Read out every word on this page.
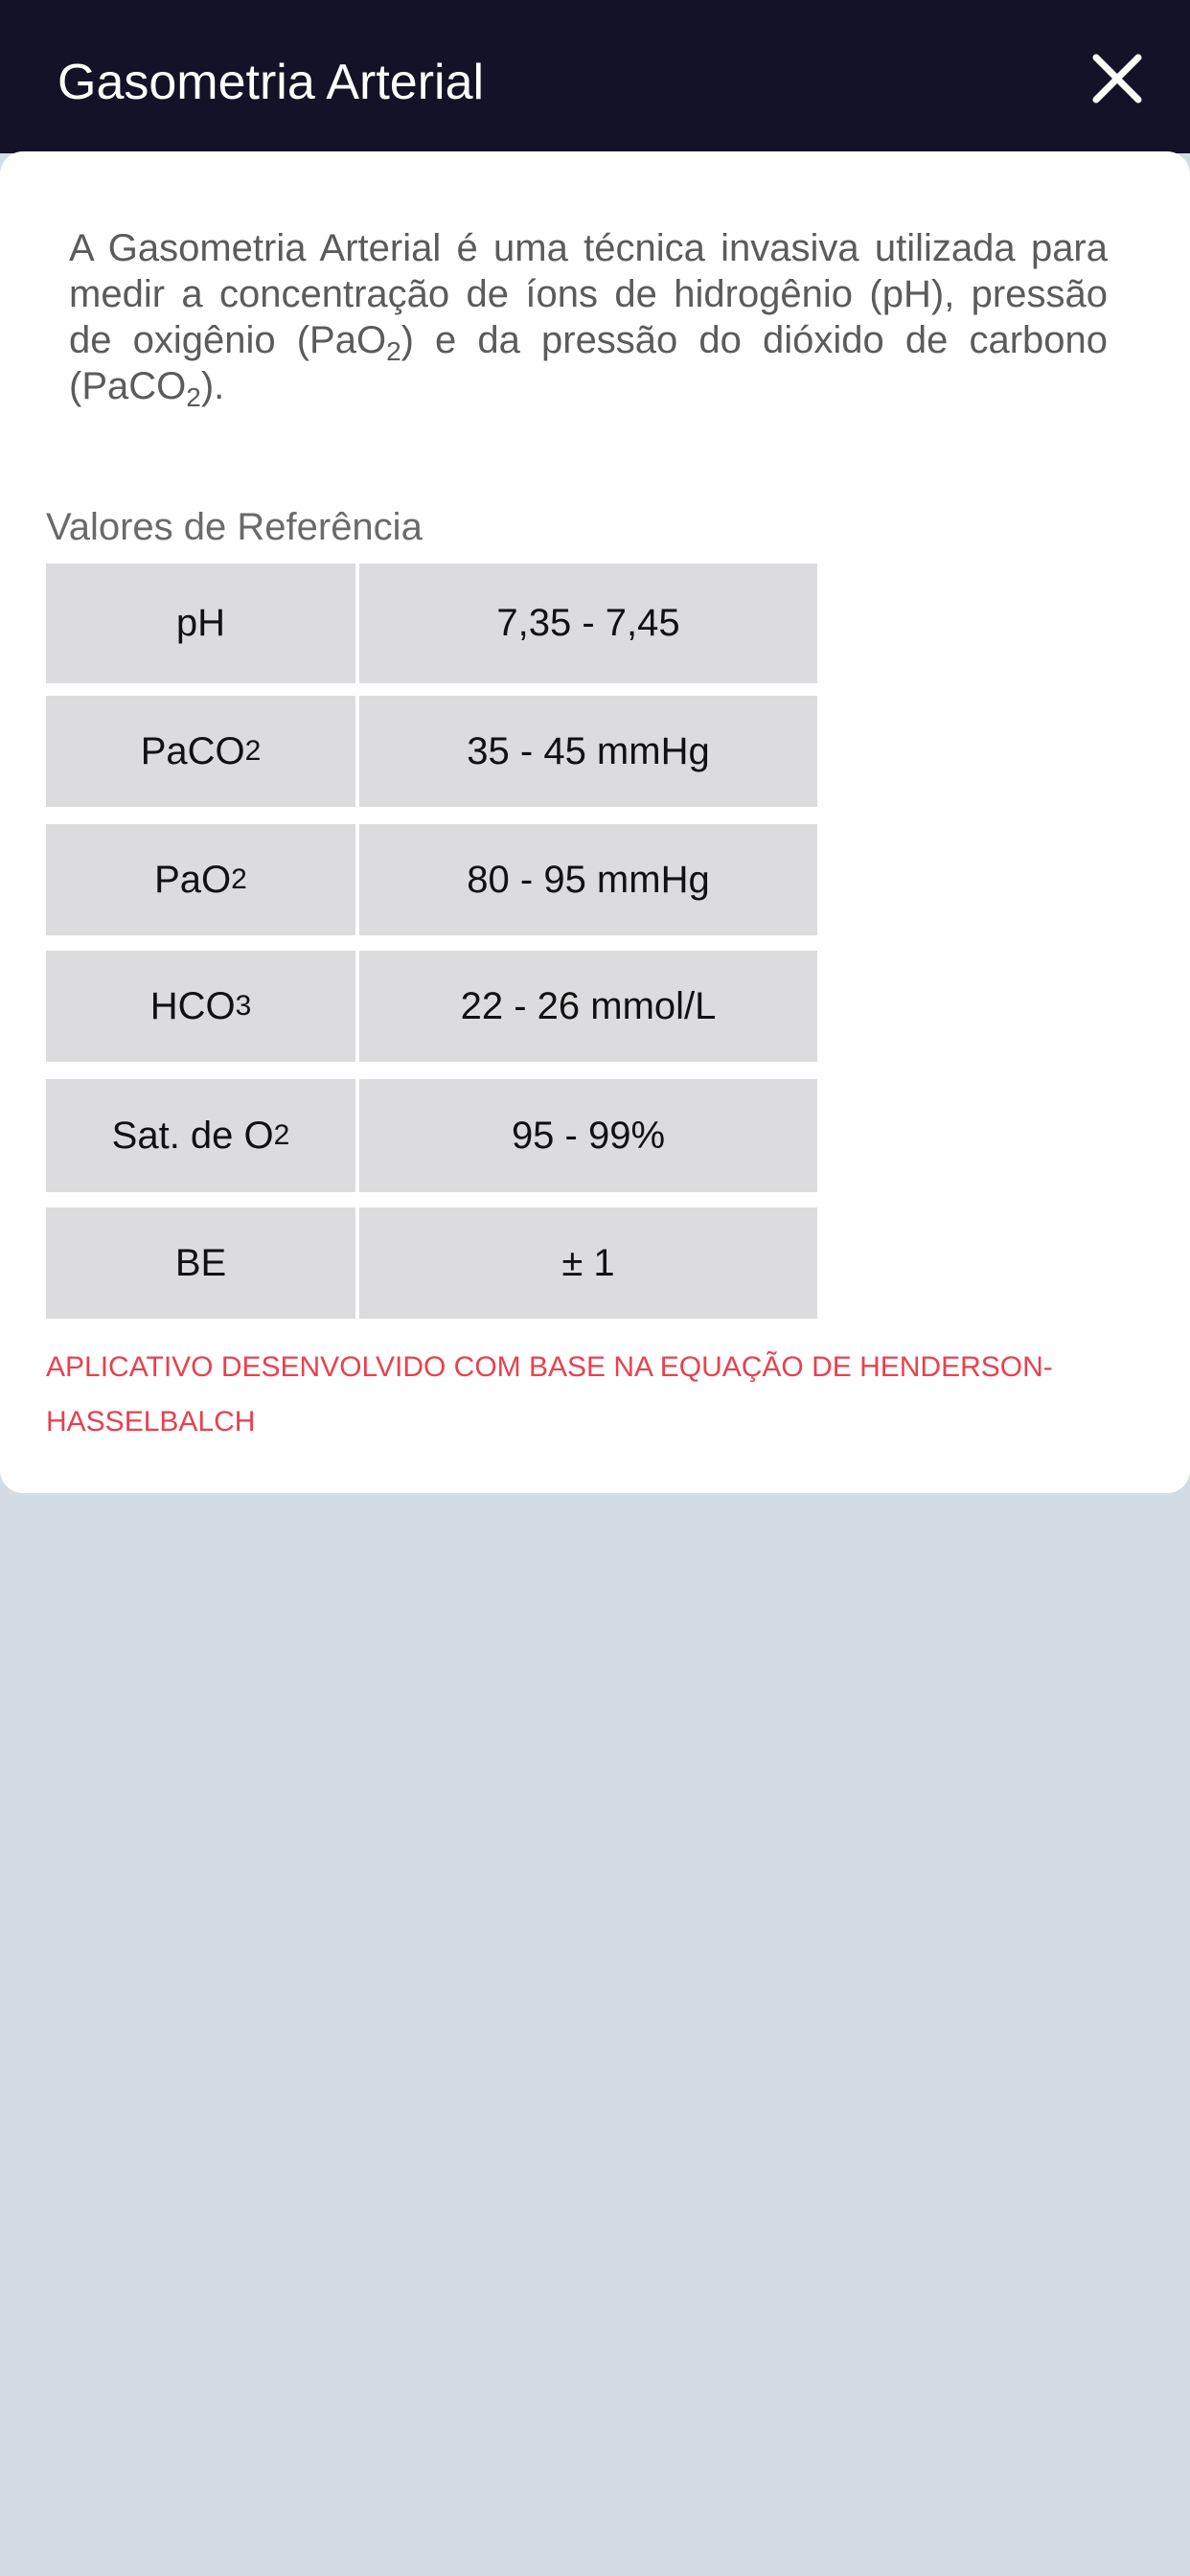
Gasometria Arterial
A Gasometria Arterial é uma técnica invasiva utilizada para medir a concentração de íons de hidrogênio (pH), pressão de oxigênio (PaO$_2$) e da pressão do dióxido de carbono (PaCO$_2$).
Valores de Referência
pH	7,35 - 7,45
PaCO 2	35 - 45 mmHg
PaO 2	80 - 95 mmHg
HCO 3	22 - 26 mmol/L
Sat. de O 2	95 - 99%
BE	± 1
APLICATIVO DESENVOLVIDO COM BASE NA EQUAÇÃO DE HENDERSON-HASSELBALCH
